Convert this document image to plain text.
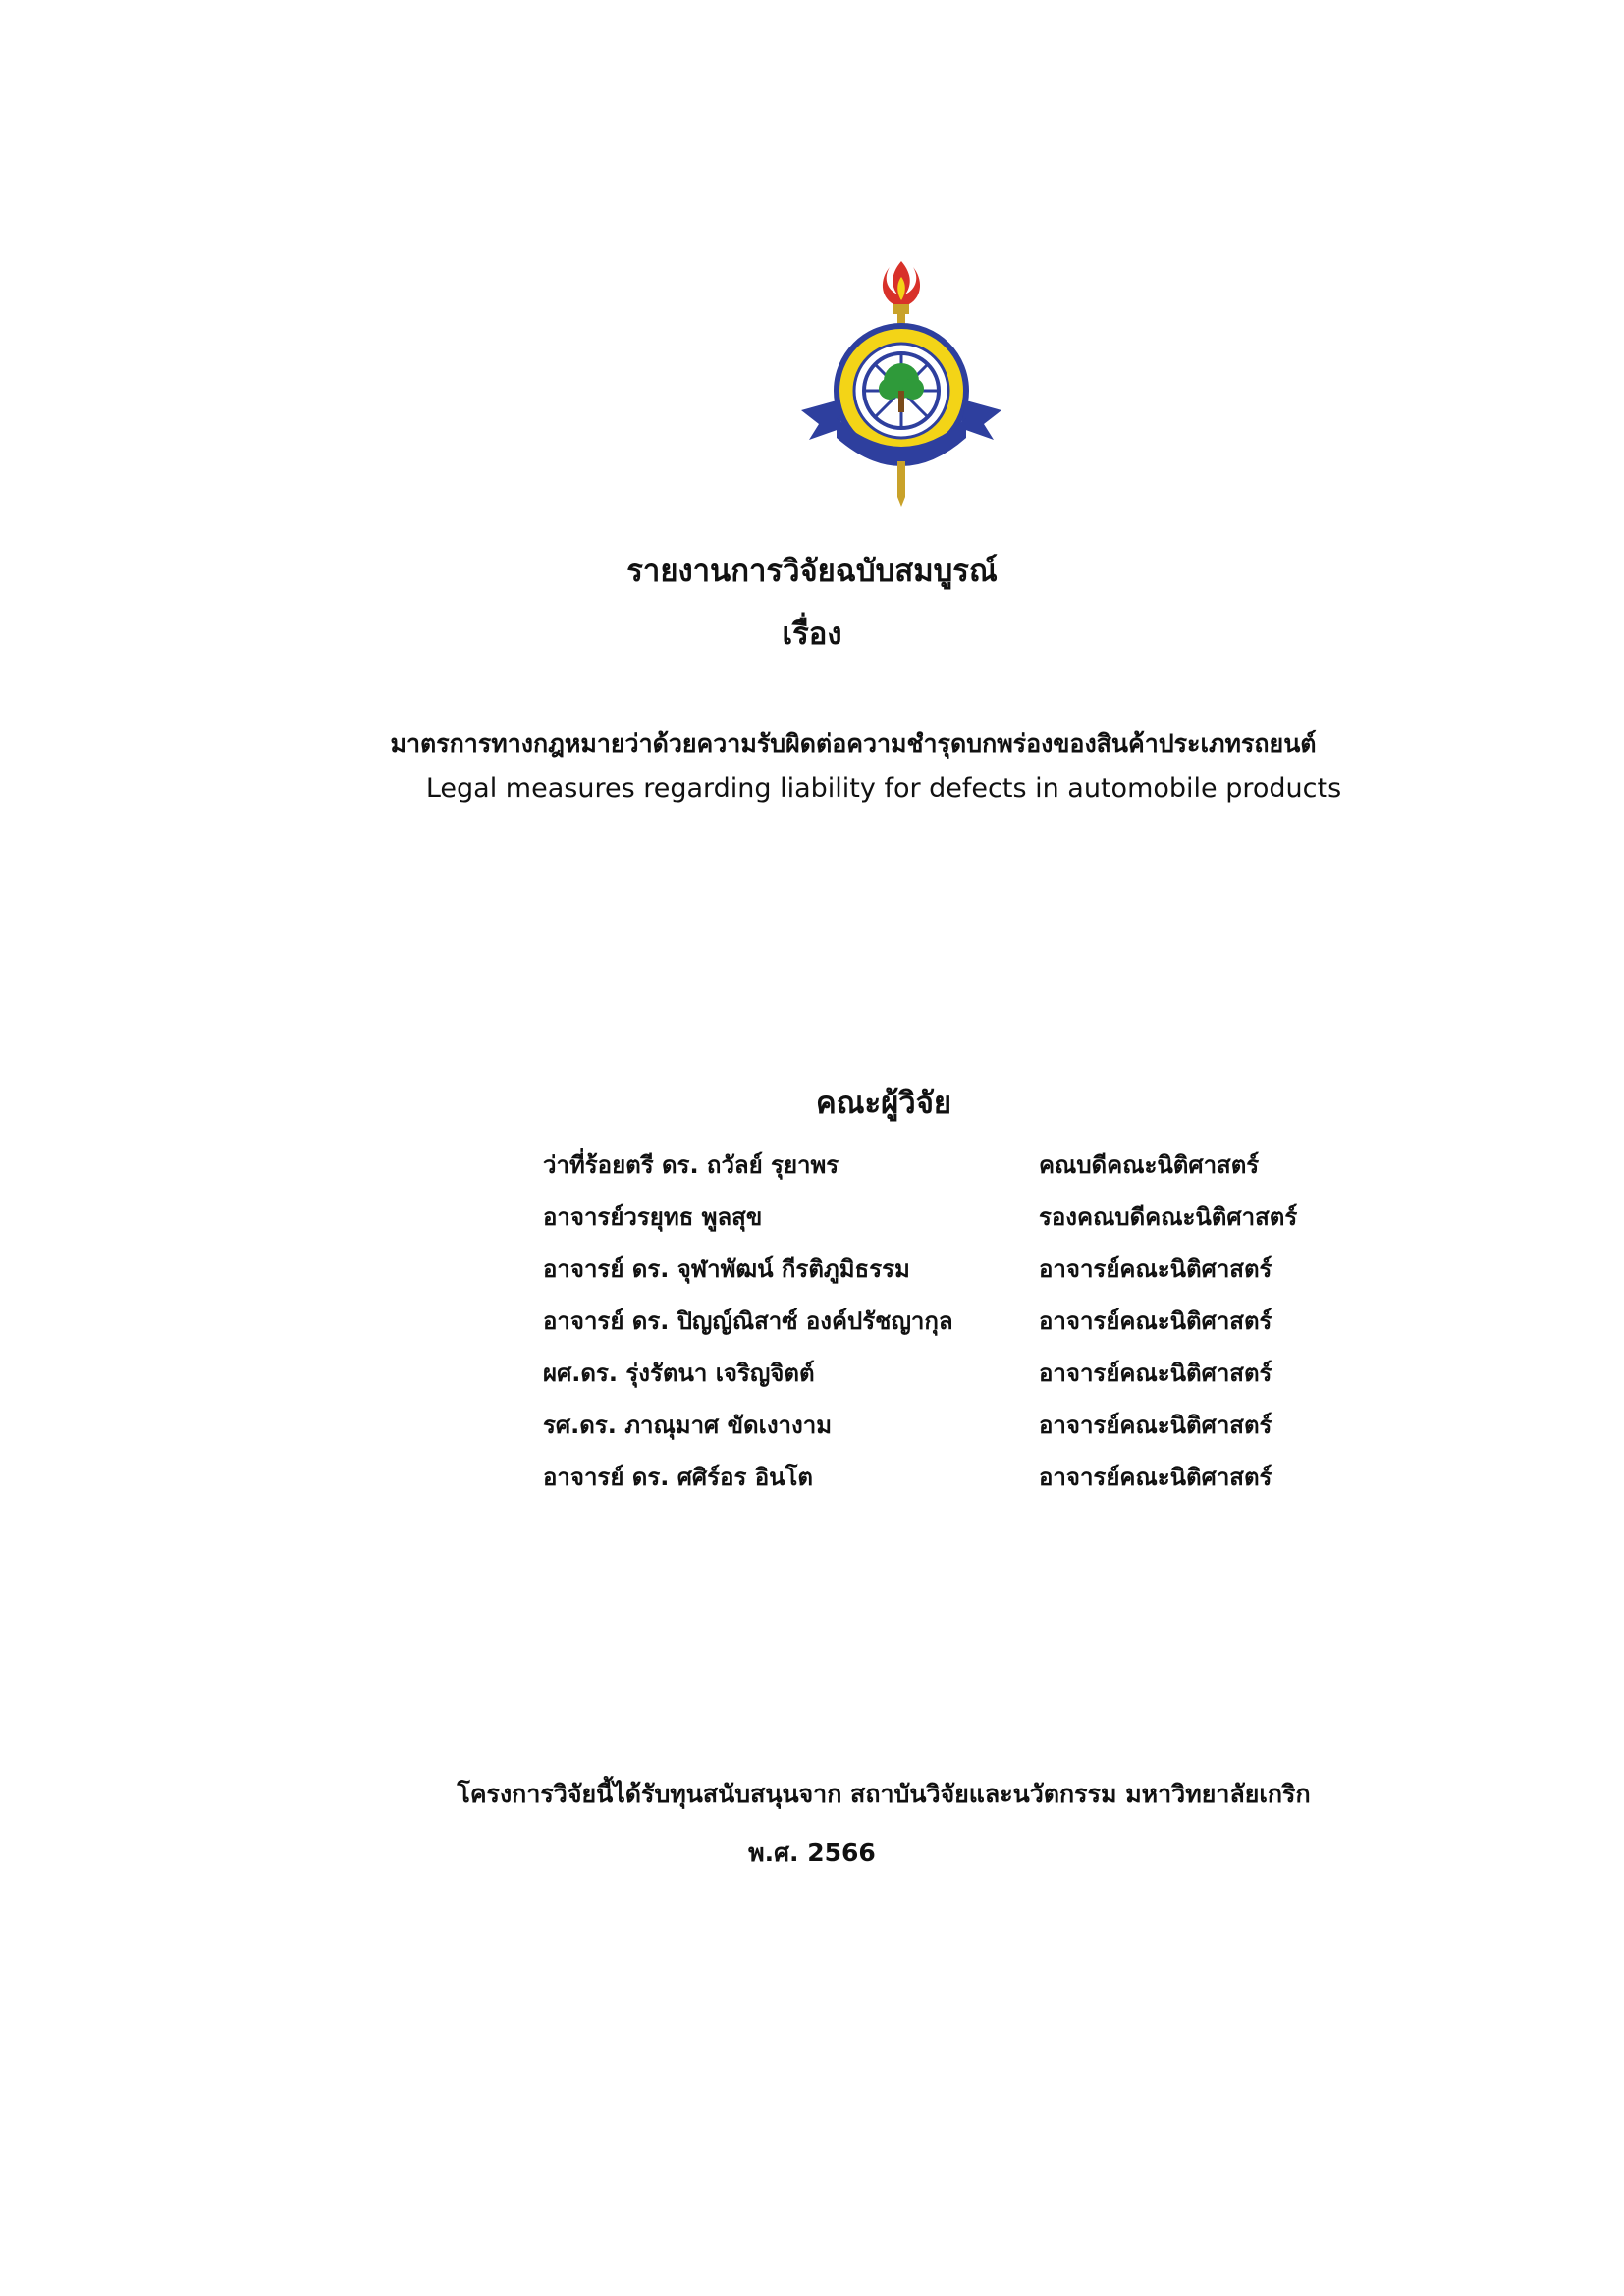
รายงานการวิจัยฉบับสมบูรณ์
เรื่อง
มาตรการทางกฎหมายว่าด้วยความรับผิดต่อความชำรุดบกพร่องของสินค้าประเภทรถยนต์
Legal measures regarding liability for defects in automobile products
คณะผู้วิจัย
ว่าที่ร้อยตรี ดร. ถวัลย์ รุยาพร	คณบดีคณะนิติศาสตร์
อาจารย์วรยุทธ พูลสุข	รองคณบดีคณะนิติศาสตร์
อาจารย์ ดร. จุฬาพัฒน์ กีรติภูมิธรรม	อาจารย์คณะนิติศาสตร์
อาจารย์ ดร. ปิญญ์ณิสาซ์ องค์ปรัชญากุล	อาจารย์คณะนิติศาสตร์
ผศ.ดร. รุ่งรัตนา เจริญจิตต์	อาจารย์คณะนิติศาสตร์
รศ.ดร. ภาณุมาศ ขัดเงางาม	อาจารย์คณะนิติศาสตร์
อาจารย์ ดร. ศศิร์อร อินโต	อาจารย์คณะนิติศาสตร์
โครงการวิจัยนี้ได้รับทุนสนับสนุนจาก สถาบันวิจัยและนวัตกรรม มหาวิทยาลัยเกริก
พ.ศ. 2566
